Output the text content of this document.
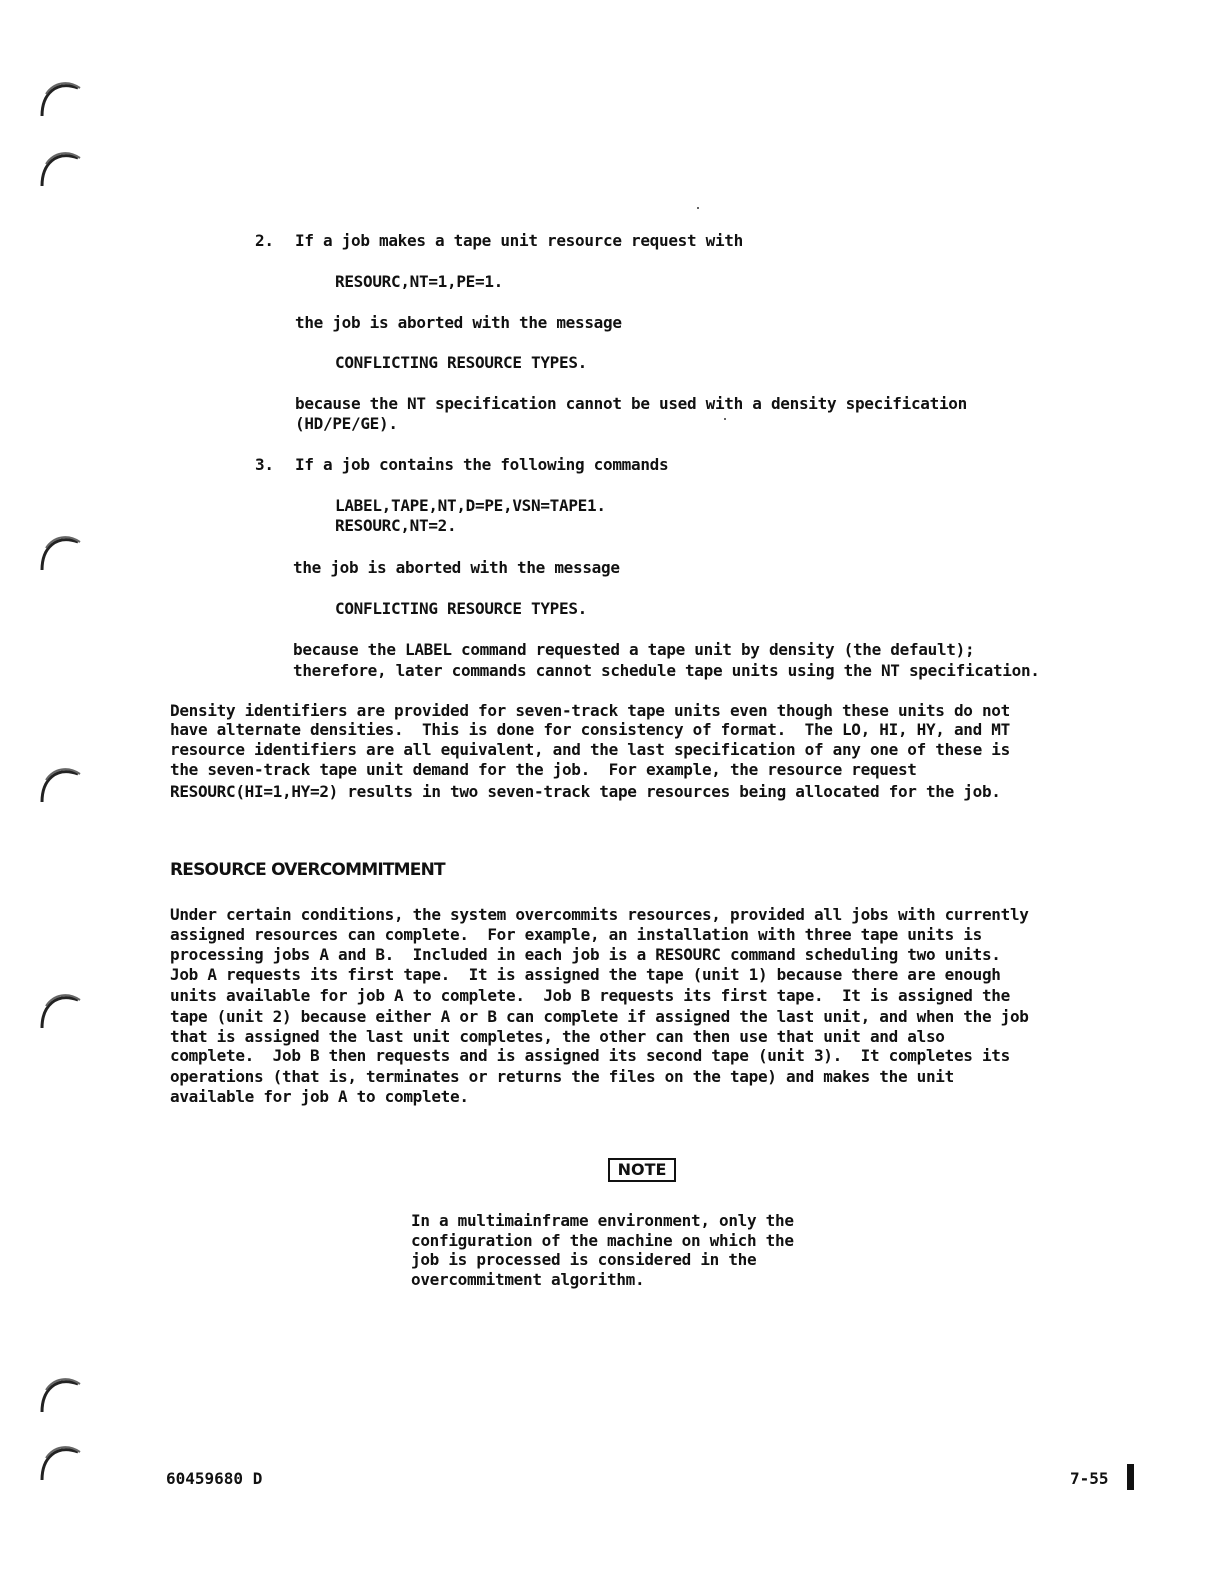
2. If a job makes a tape unit resource request with
RESOURC,NT=1,PE=1.
the job is aborted with the message
CONFLICTING RESOURCE TYPES.
because the NT specification cannot be used with a density specification
(HD/PE/GE).
3. If a job contains the following commands
LABEL,TAPE,NT,D=PE,VSN=TAPE1.
RESOURC,NT=2.
the job is aborted with the message
CONFLICTING RESOURCE TYPES.
because the LABEL command requested a tape unit by density (the default);
therefore, later commands cannot schedule tape units using the NT specification.
Density identifiers are provided for seven-track tape units even though these units do not
have alternate densities.  This is done for consistency of format.  The LO, HI, HY, and MT
resource identifiers are all equivalent, and the last specification of any one of these is
the seven-track tape unit demand for the job.  For example, the resource request
RESOURC(HI=1,HY=2) results in two seven-track tape resources being allocated for the job.
RESOURCE OVERCOMMITMENT
Under certain conditions, the system overcommits resources, provided all jobs with currently
assigned resources can complete.  For example, an installation with three tape units is
processing jobs A and B.  Included in each job is a RESOURC command scheduling two units.
Job A requests its first tape.  It is assigned the tape (unit 1) because there are enough
units available for job A to complete.  Job B requests its first tape.  It is assigned the
tape (unit 2) because either A or B can complete if assigned the last unit, and when the job
that is assigned the last unit completes, the other can then use that unit and also
complete.  Job B then requests and is assigned its second tape (unit 3).  It completes its
operations (that is, terminates or returns the files on the tape) and makes the unit
available for job A to complete.
NOTE
In a multimainframe environment, only the
configuration of the machine on which the
job is processed is considered in the
overcommitment algorithm.
60459680 D	7-55
